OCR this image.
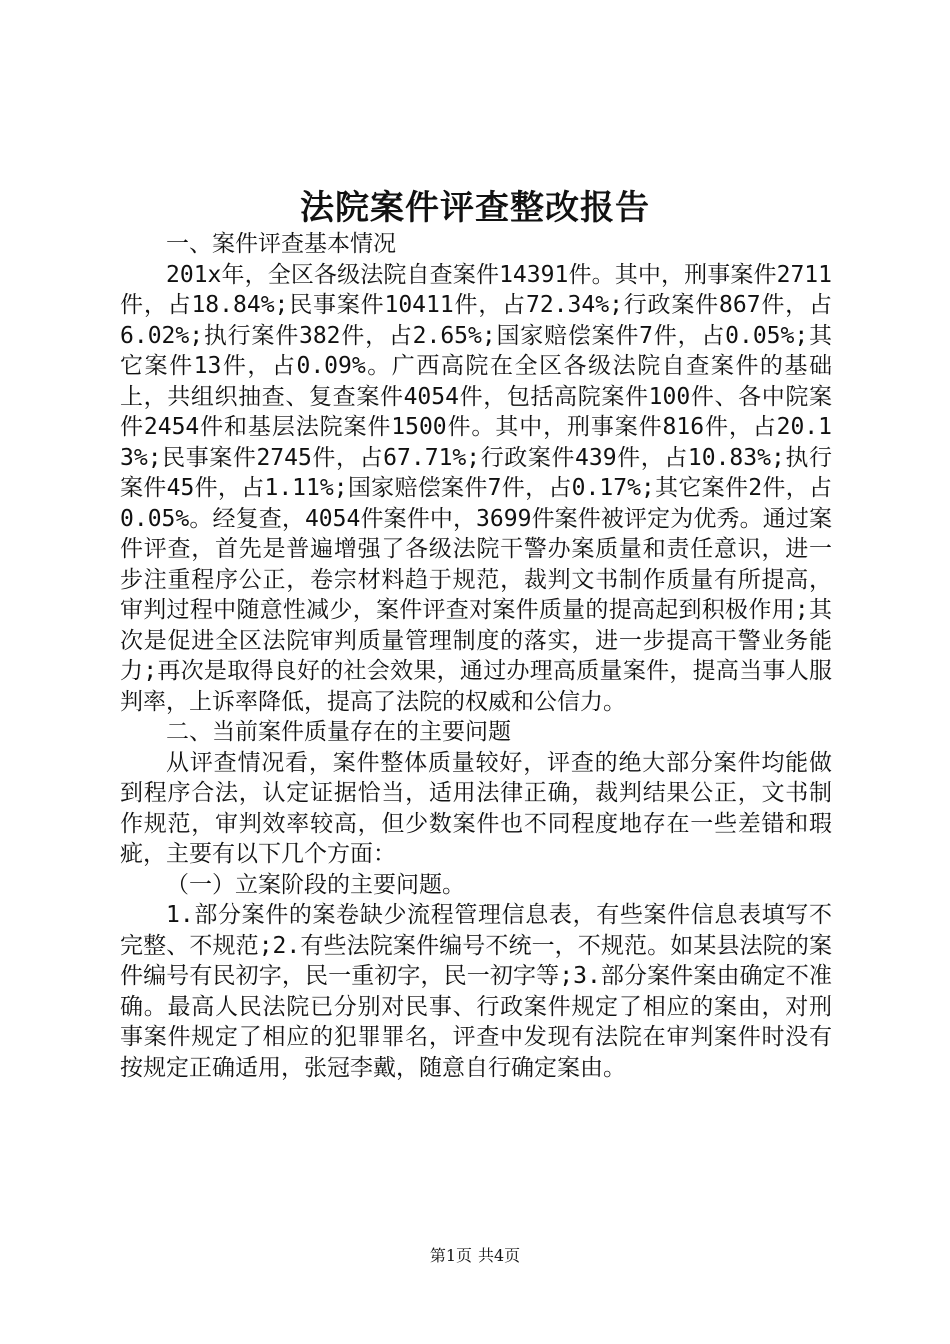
法院案件评查整改报告

一、案件评查基本情况

201x年，全区各级法院自查案件14391件。其中，刑事案件2711件，占18.84%;民事案件10411件，占72.34%;行政案件867件，占6.02%;执行案件382件，占2.65%;国家赔偿案件7件，占0.05%;其它案件13件，占0.09%。广西高院在全区各级法院自查案件的基础上，共组织抽查、复查案件4054件，包括高院案件100件、各中院案件2454件和基层法院案件1500件。其中，刑事案件816件，占20.13%;民事案件2745件，占67.71%;行政案件439件，占10.83%;执行案件45件，占1.11%;国家赔偿案件7件，占0.17%;其它案件2件，占0.05%。经复查，4054件案件中，3699件案件被评定为优秀。通过案件评查，首先是普遍增强了各级法院干警办案质量和责任意识，进一步注重程序公正，卷宗材料趋于规范，裁判文书制作质量有所提高，审判过程中随意性减少，案件评查对案件质量的提高起到积极作用;其次是促进全区法院审判质量管理制度的落实，进一步提高干警业务能力;再次是取得良好的社会效果，通过办理高质量案件，提高当事人服判率，上诉率降低，提高了法院的权威和公信力。

二、当前案件质量存在的主要问题

从评查情况看，案件整体质量较好，评查的绝大部分案件均能做到程序合法，认定证据恰当，适用法律正确，裁判结果公正，文书制作规范，审判效率较高，但少数案件也不同程度地存在一些差错和瑕疵，主要有以下几个方面：

（一）立案阶段的主要问题。

1.部分案件的案卷缺少流程管理信息表，有些案件信息表填写不完整、不规范;2.有些法院案件编号不统一，不规范。如某县法院的案件编号有民初字，民一重初字，民一初字等;3.部分案件案由确定不准确。最高人民法院已分别对民事、行政案件规定了相应的案由，对刑事案件规定了相应的犯罪罪名，评查中发现有法院在审判案件时没有按规定正确适用，张冠李戴，随意自行确定案由。

第1页 共4页
